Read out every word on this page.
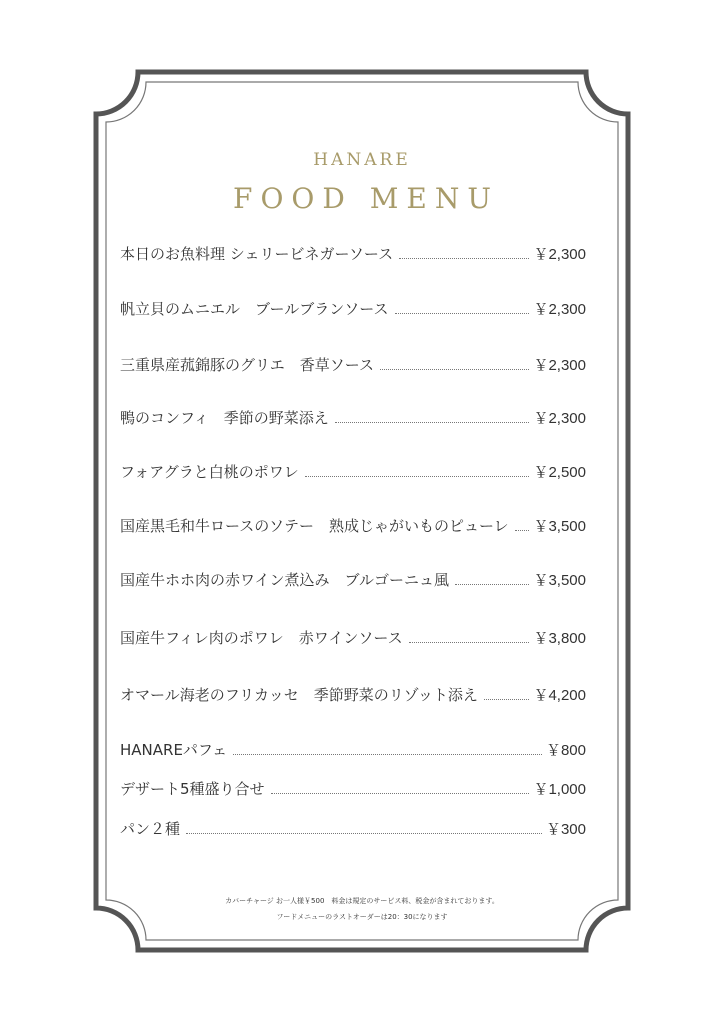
HANARE
FOOD MENU
本日のお魚料理 シェリービネガーソース	￥2,300
帆立貝のムニエル　ブールブランソース	￥2,300
三重県産菰錦豚のグリエ　香草ソース	￥2,300
鴨のコンフィ　季節の野菜添え	￥2,300
フォアグラと白桃のポワレ	￥2,500
国産黒毛和牛ロースのソテー　熟成じゃがいものピューレ ￥3,500
国産牛ホホ肉の赤ワイン煮込み　ブルゴーニュ風	￥3,500
国産牛フィレ肉のポワレ　赤ワインソース	￥3,800
オマール海老のフリカッセ　季節野菜のリゾット添え	￥4,200
HANAREパフェ	￥800
デザート5種盛り合せ	￥1,000
パン２種	￥300
カバーチャージ お一人様￥500　料金は規定のサービス料、税金が含まれております。
フードメニューのラストオーダーは20：30になります
